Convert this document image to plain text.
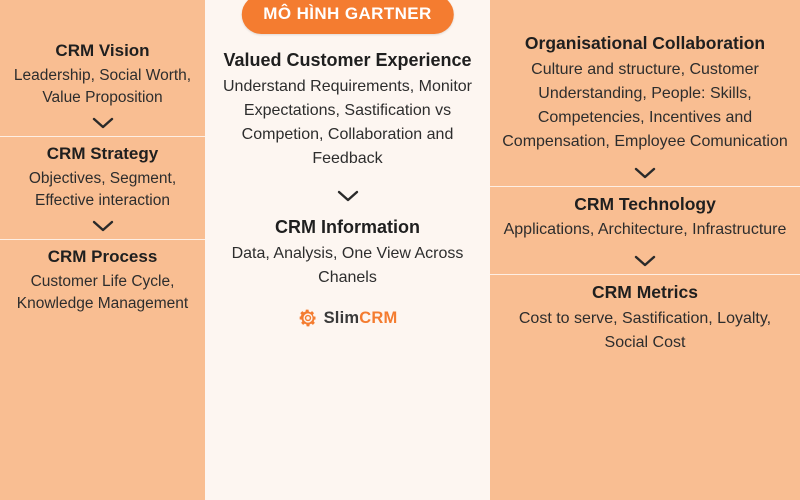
CRM Vision

Leadership, Social Worth, Value Proposition

CRM Strategy

Objectives, Segment, Effective interaction

CRM Process

Customer Life Cycle, Knowledge Management

MÔ HÌNH GARTNER
Valued Customer Experience

Understand Requirements, Monitor Expectations, Sastification vs Competion, Collaboration and Feedback

CRM Information

Data, Analysis, One View Across Chanels

SlimCRM
Organisational Collaboration

Culture and structure, Customer Understanding, People: Skills, Competencies, Incentives and Compensation, Employee Comunication

CRM Technology

Applications, Architecture, Infrastructure

CRM Metrics

Cost to serve, Sastification, Loyalty, Social Cost
